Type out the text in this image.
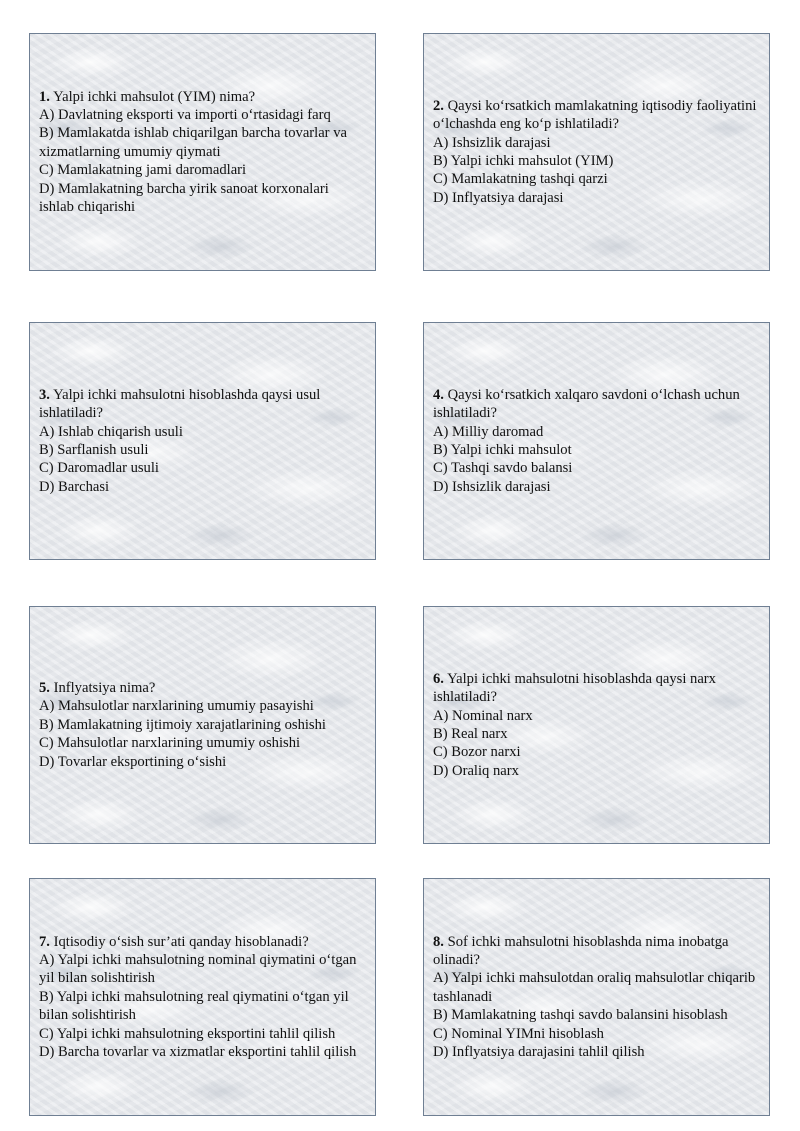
1. Yalpi ichki mahsulot (YIM) nima?
A) Davlatning eksporti va importi o‘rtasidagi farq
B) Mamlakatda ishlab chiqarilgan barcha tovarlar va xizmatlarning umumiy qiymati
C) Mamlakatning jami daromadlari
D) Mamlakatning barcha yirik sanoat korxonalari ishlab chiqarishi
2. Qaysi ko‘rsatkich mamlakatning iqtisodiy faoliyatini o‘lchashda eng ko‘p ishlatiladi?
A) Ishsizlik darajasi
B) Yalpi ichki mahsulot (YIM)
C) Mamlakatning tashqi qarzi
D) Inflyatsiya darajasi
3. Yalpi ichki mahsulotni hisoblashda qaysi usul ishlatiladi?
A) Ishlab chiqarish usuli
B) Sarflanish usuli
C) Daromadlar usuli
D) Barchasi
4. Qaysi ko‘rsatkich xalqaro savdoni o‘lchash uchun ishlatiladi?
A) Milliy daromad
B) Yalpi ichki mahsulot
C) Tashqi savdo balansi
D) Ishsizlik darajasi
5. Inflyatsiya nima?
A) Mahsulotlar narxlarining umumiy pasayishi
B) Mamlakatning ijtimoiy xarajatlarining oshishi
C) Mahsulotlar narxlarining umumiy oshishi
D) Tovarlar eksportining o‘sishi
6. Yalpi ichki mahsulotni hisoblashda qaysi narx ishlatiladi?
A) Nominal narx
B) Real narx
C) Bozor narxi
D) Oraliq narx
7. Iqtisodiy o‘sish sur’ati qanday hisoblanadi?
A) Yalpi ichki mahsulotning nominal qiymatini o‘tgan yil bilan solishtirish
B) Yalpi ichki mahsulotning real qiymatini o‘tgan yil bilan solishtirish
C) Yalpi ichki mahsulotning eksportini tahlil qilish
D) Barcha tovarlar va xizmatlar eksportini tahlil qilish
8. Sof ichki mahsulotni hisoblashda nima inobatga olinadi?
A) Yalpi ichki mahsulotdan oraliq mahsulotlar chiqarib tashlanadi
B) Mamlakatning tashqi savdo balansini hisoblash
C) Nominal YIMni hisoblash
D) Inflyatsiya darajasini tahlil qilish
